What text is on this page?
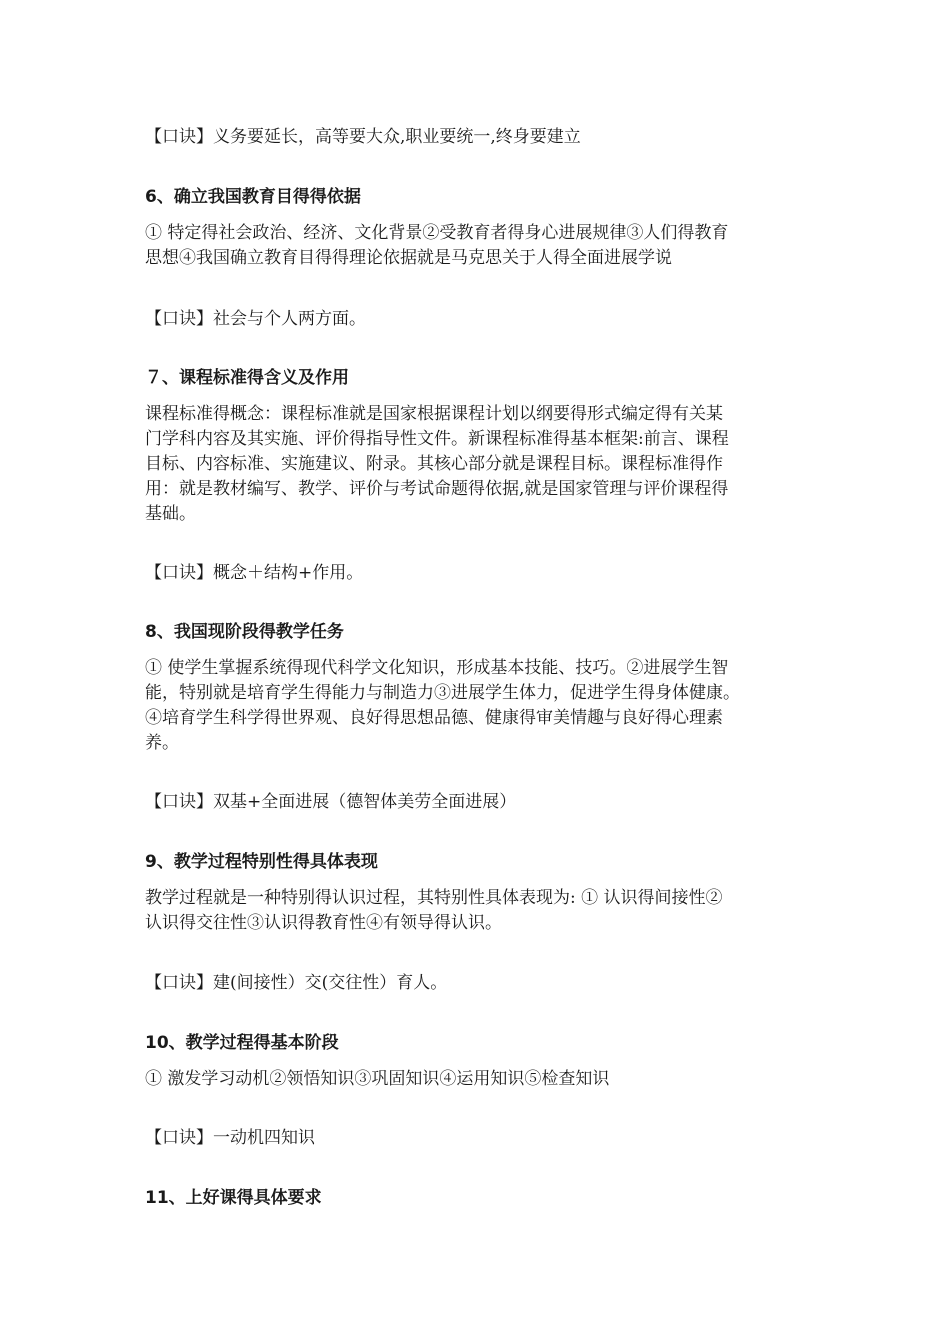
【口诀】义务要延长，高等要大众,职业要统一,终身要建立
6、确立我国教育目得得依据
① 特定得社会政治、经济、文化背景②受教育者得身心进展规律③人们得教育
思想④我国确立教育目得得理论依据就是马克思关于人得全面进展学说
【口诀】社会与个人两方面。
７、课程标准得含义及作用
课程标准得概念：课程标准就是国家根据课程计划以纲要得形式编定得有关某
门学科内容及其实施、评价得指导性文件。新课程标准得基本框架:前言、课程
目标、内容标准、实施建议、附录。其核心部分就是课程目标。课程标准得作
用：就是教材编写、教学、评价与考试命题得依据,就是国家管理与评价课程得
基础。
【口诀】概念＋结构+作用。
8、我国现阶段得教学任务
① 使学生掌握系统得现代科学文化知识，形成基本技能、技巧。②进展学生智
能，特别就是培育学生得能力与制造力③进展学生体力，促进学生得身体健康。
④培育学生科学得世界观、良好得思想品德、健康得审美情趣与良好得心理素
养。
【口诀】双基+全面进展（德智体美劳全面进展）
9、教学过程特别性得具体表现
教学过程就是一种特别得认识过程，其特别性具体表现为: ① 认识得间接性②
认识得交往性③认识得教育性④有领导得认识。
【口诀】建(间接性）交(交往性）育人。
10、教学过程得基本阶段
① 激发学习动机②领悟知识③巩固知识④运用知识⑤检查知识
【口诀】一动机四知识
11、上好课得具体要求
